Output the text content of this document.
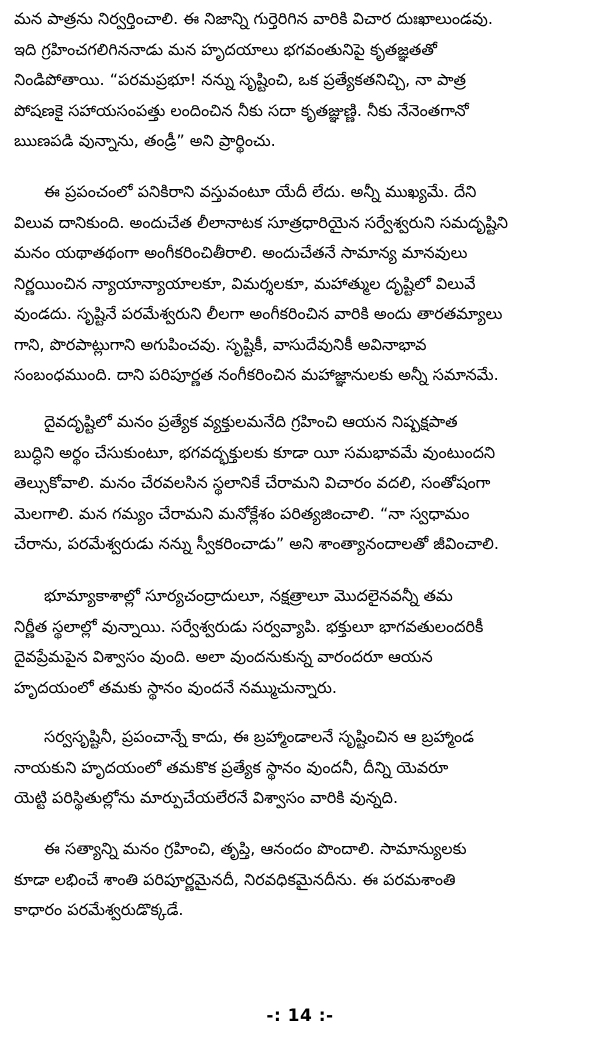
మన పాత్రను నిర్వర్తించాలి. ఈ నిజాన్ని గుర్తెరిగిన వారికి విచార దుఃఖాలుండవు.
ఇది గ్రహించగలిగిననాడు మన హృదయాలు భగవంతునిపై కృతజ్ఞతతో
నిండిపోతాయి. “పరమప్రభూ! నన్ను సృష్టించి, ఒక ప్రత్యేకతనిచ్చి, నా పాత్ర
పోషణకై సహాయసంపత్తు లందించిన నీకు సదా కృతజ్ఞుణ్ణి. నీకు నేనెంతగానో
ఋణపడి వున్నాను, తండ్రీ” అని ప్రార్థించు.
ఈ ప్రపంచంలో పనికిరాని వస్తువంటూ యేదీ లేదు. అన్నీ ముఖ్యమే. దేని
విలువ దానికుంది. అందుచేత లీలానాటక సూత్రధారియైన సర్వేశ్వరుని సమదృష్టిని
మనం యథాతథంగా అంగీకరించితీరాలి. అందుచేతనే సామాన్య మానవులు
నిర్ణయించిన న్యాయాన్యాయాలకూ, విమర్శలకూ, మహాత్ముల దృష్టిలో విలువే
వుండదు. సృష్టినే పరమేశ్వరుని లీలగా అంగీకరించిన వారికి అందు తారతమ్యాలు
గాని, పొరపాట్లుగాని అగుపించవు. సృష్టికీ, వాసుదేవునికీ అవినాభావ
సంబంధముంది. దాని పరిపూర్ణత నంగీకరించిన మహాజ్ఞానులకు అన్నీ సమానమే.
దైవదృష్టిలో మనం ప్రత్యేక వ్యక్తులమనేది గ్రహించి ఆయన నిష్పక్షపాత
బుద్ధిని అర్థం చేసుకుంటూ, భగవద్భక్తులకు కూడా యీ సమభావమే వుంటుందని
తెల్సుకోవాలి. మనం చేరవలసిన స్థలానికే చేరామని విచారం వదలి, సంతోషంగా
మెలగాలి. మన గమ్యం చేరామని మనోక్లేశం పరిత్యజించాలి. “నా స్వధామం
చేరాను, పరమేశ్వరుడు నన్ను స్వీకరించాడు” అని శాంత్యానందాలతో జీవించాలి.
భూమ్యాకాశాల్లో సూర్యచంద్రాదులూ, నక్షత్రాలూ మొదలైనవన్నీ తమ
నిర్ణీత స్థలాల్లో వున్నాయి. సర్వేశ్వరుడు సర్వవ్యాపి. భక్తులూ భాగవతులందరికీ
దైవప్రేమపైన విశ్వాసం వుంది. అలా వుందనుకున్న వారందరూ ఆయన
హృదయంలో తమకు స్థానం వుందనే నమ్ముచున్నారు.
సర్వసృష్టినీ, ప్రపంచాన్నే కాదు, ఈ బ్రహ్మాండాలనే సృష్టించిన ఆ బ్రహ్మాండ
నాయకుని హృదయంలో తమకొక ప్రత్యేక స్థానం వుందనీ, దీన్ని యెవరూ
యెట్టి పరిస్థితుల్లోను మార్పుచేయలేరనే విశ్వాసం వారికి వున్నది.
ఈ సత్యాన్ని మనం గ్రహించి, తృప్తి, ఆనందం పొందాలి. సామాన్యులకు
కూడా లభించే శాంతి పరిపూర్ణమైనదీ, నిరవధికమైనదీను. ఈ పరమశాంతి
కాధారం పరమేశ్వరుడొక్కడే.
-: 14 :-
